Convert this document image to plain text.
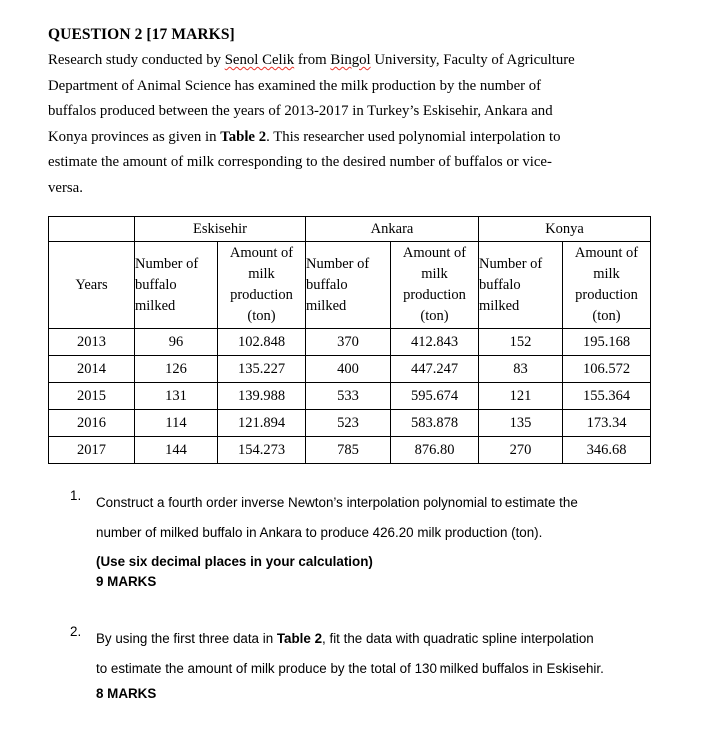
QUESTION 2 [17 MARKS]
Research study conducted by Senol Celik from Bingol University, Faculty of Agriculture
Department of Animal Science has examined the milk production by the number of
buffalos produced between the years of 2013-2017 in Turkey’s Eskisehir, Ankara and
Konya provinces as given in Table 2. This researcher used polynomial interpolation to
estimate the amount of milk corresponding to the desired number of buffalos or vice-
versa.
	Eskisehir		Ankara		Konya	
Years	Number of
buffalo
milked	Amount of
milk
production
(ton)	Number of
buffalo
milked	Amount of
milk
production
(ton)	Number of
buffalo
milked	Amount of
milk
production
(ton)
2013	96	102.848	370	412.843	152	195.168
2014	126	135.227	400	447.247	83	106.572
2015	131	139.988	533	595.674	121	155.364
2016	114	121.894	523	583.878	135	173.34
2017	144	154.273	785	876.80	270	346.68
1.	Construct a fourth order inverse Newton’s interpolation polynomial to estimate the
number of milked buffalo in Ankara to produce 426.20 milk production (ton).
(Use six decimal places in your calculation)
9 MARKS
2.	By using the first three data in Table 2, fit the data with quadratic spline interpolation
to estimate the amount of milk produce by the total of 130 milked buffalos in Eskisehir.
8 MARKS
